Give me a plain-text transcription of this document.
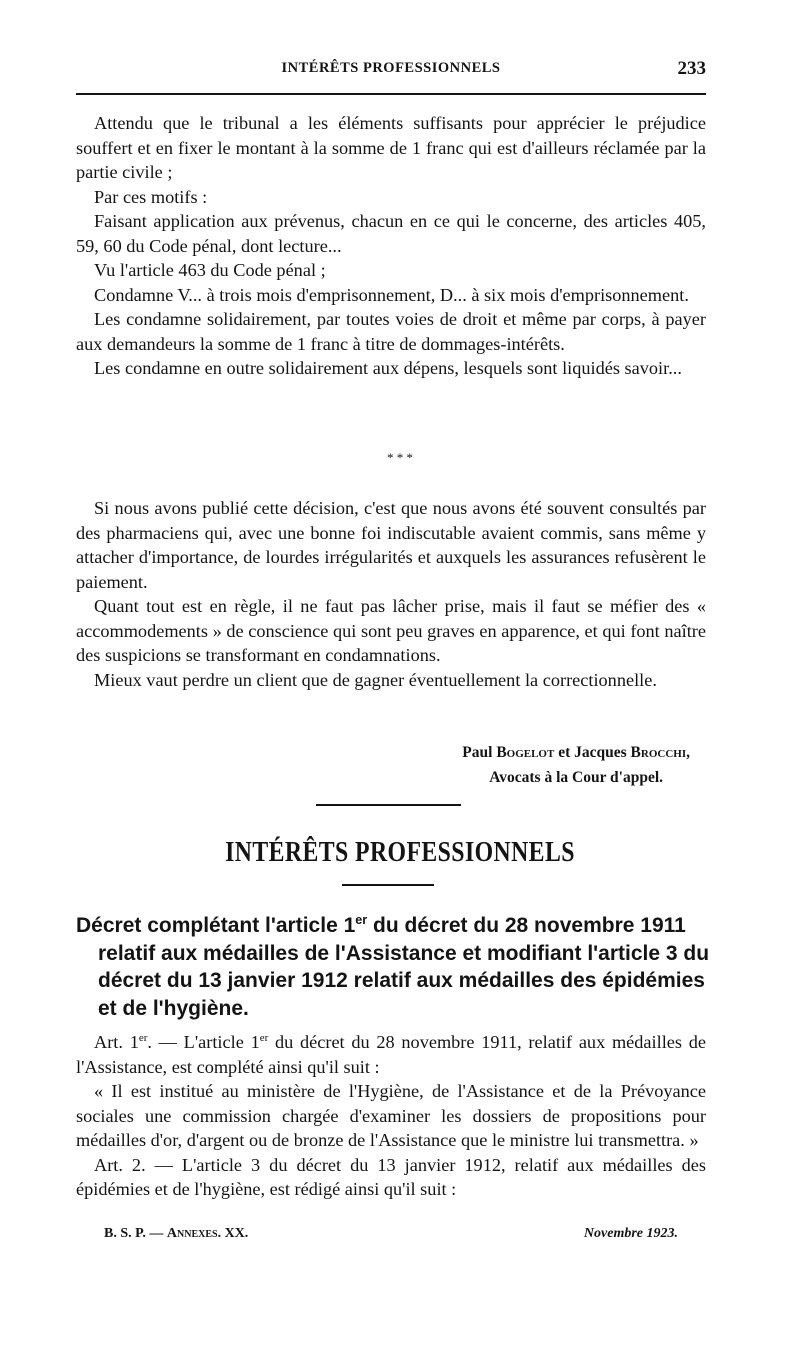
INTÉRÊTS PROFESSIONNELS	233

Attendu que le tribunal a les éléments suffisants pour apprécier le préjudice souffert et en fixer le montant à la somme de 1 franc qui est d'ailleurs réclamée par la partie civile ;

Par ces motifs :

Faisant application aux prévenus, chacun en ce qui le concerne, des articles 405, 59, 60 du Code pénal, dont lecture...

Vu l'article 463 du Code pénal ;

Condamne V... à trois mois d'emprisonnement, D... à six mois d'emprisonnement.

Les condamne solidairement, par toutes voies de droit et même par corps, à payer aux demandeurs la somme de 1 franc à titre de dommages-intérêts.

Les condamne en outre solidairement aux dépens, lesquels sont liquidés savoir...

* * *

Si nous avons publié cette décision, c'est que nous avons été souvent consultés par des pharmaciens qui, avec une bonne foi indiscutable avaient commis, sans même y attacher d'importance, de lourdes irrégularités et auxquels les assurances refusèrent le paiement.

Quant tout est en règle, il ne faut pas lâcher prise, mais il faut se méfier des « accommodements » de conscience qui sont peu graves en apparence, et qui font naître des suspicions se transformant en condamnations.

Mieux vaut perdre un client que de gagner éventuellement la correctionnelle.

Paul Bogelot et Jacques Brocchi,
Avocats à la Cour d'appel.
INTÉRÊTS PROFESSIONNELS
Décret complétant l'article 1er du décret du 28 novembre 1911
relatif aux médailles de l'Assistance et modifiant l'article 3 du
décret du 13 janvier 1912 relatif aux médailles des épidémies
et de l'hygiène.

Art. 1er. — L'article 1er du décret du 28 novembre 1911, relatif aux médailles de l'Assistance, est complété ainsi qu'il suit :

« Il est institué au ministère de l'Hygiène, de l'Assistance et de la Prévoyance sociales une commission chargée d'examiner les dossiers de propositions pour médailles d'or, d'argent ou de bronze de l'Assistance que le ministre lui transmettra. »

Art. 2. — L'article 3 du décret du 13 janvier 1912, relatif aux médailles des épidémies et de l'hygiène, est rédigé ainsi qu'il suit :

B. S. P. — Annexes. XX.	Novembre 1923.
